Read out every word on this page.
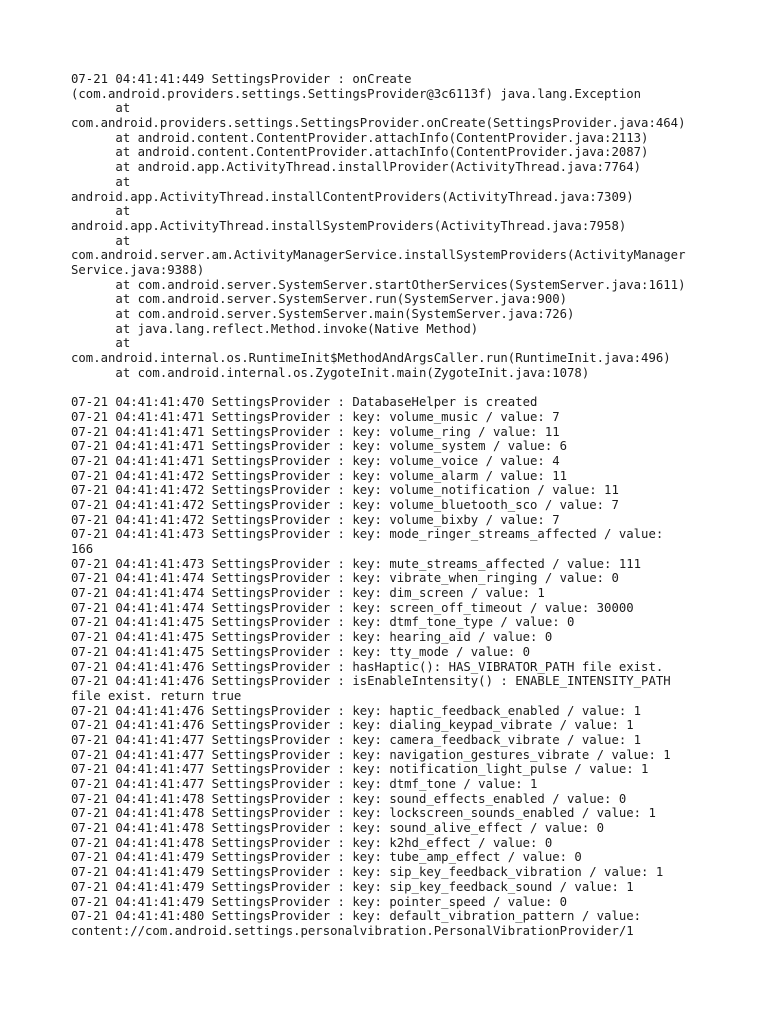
07-21 04:41:41:449 SettingsProvider : onCreate
(com.android.providers.settings.SettingsProvider@3c6113f) java.lang.Exception
at
com.android.providers.settings.SettingsProvider.onCreate(SettingsProvider.java:464)
at android.content.ContentProvider.attachInfo(ContentProvider.java:2113)
at android.content.ContentProvider.attachInfo(ContentProvider.java:2087)
at android.app.ActivityThread.installProvider(ActivityThread.java:7764)
at
android.app.ActivityThread.installContentProviders(ActivityThread.java:7309)
at
android.app.ActivityThread.installSystemProviders(ActivityThread.java:7958)
at
com.android.server.am.ActivityManagerService.installSystemProviders(ActivityManager
Service.java:9388)
at com.android.server.SystemServer.startOtherServices(SystemServer.java:1611)
at com.android.server.SystemServer.run(SystemServer.java:900)
at com.android.server.SystemServer.main(SystemServer.java:726)
at java.lang.reflect.Method.invoke(Native Method)
at
com.android.internal.os.RuntimeInit$MethodAndArgsCaller.run(RuntimeInit.java:496)
at com.android.internal.os.ZygoteInit.main(ZygoteInit.java:1078)
07-21 04:41:41:470 SettingsProvider : DatabaseHelper is created
07-21 04:41:41:471 SettingsProvider : key: volume_music / value: 7
07-21 04:41:41:471 SettingsProvider : key: volume_ring / value: 11
07-21 04:41:41:471 SettingsProvider : key: volume_system / value: 6
07-21 04:41:41:471 SettingsProvider : key: volume_voice / value: 4
07-21 04:41:41:472 SettingsProvider : key: volume_alarm / value: 11
07-21 04:41:41:472 SettingsProvider : key: volume_notification / value: 11
07-21 04:41:41:472 SettingsProvider : key: volume_bluetooth_sco / value: 7
07-21 04:41:41:472 SettingsProvider : key: volume_bixby / value: 7
07-21 04:41:41:473 SettingsProvider : key: mode_ringer_streams_affected / value:
166
07-21 04:41:41:473 SettingsProvider : key: mute_streams_affected / value: 111
07-21 04:41:41:474 SettingsProvider : key: vibrate_when_ringing / value: 0
07-21 04:41:41:474 SettingsProvider : key: dim_screen / value: 1
07-21 04:41:41:474 SettingsProvider : key: screen_off_timeout / value: 30000
07-21 04:41:41:475 SettingsProvider : key: dtmf_tone_type / value: 0
07-21 04:41:41:475 SettingsProvider : key: hearing_aid / value: 0
07-21 04:41:41:475 SettingsProvider : key: tty_mode / value: 0
07-21 04:41:41:476 SettingsProvider : hasHaptic(): HAS_VIBRATOR_PATH file exist.
07-21 04:41:41:476 SettingsProvider : isEnableIntensity() : ENABLE_INTENSITY_PATH
file exist. return true
07-21 04:41:41:476 SettingsProvider : key: haptic_feedback_enabled / value: 1
07-21 04:41:41:476 SettingsProvider : key: dialing_keypad_vibrate / value: 1
07-21 04:41:41:477 SettingsProvider : key: camera_feedback_vibrate / value: 1
07-21 04:41:41:477 SettingsProvider : key: navigation_gestures_vibrate / value: 1
07-21 04:41:41:477 SettingsProvider : key: notification_light_pulse / value: 1
07-21 04:41:41:477 SettingsProvider : key: dtmf_tone / value: 1
07-21 04:41:41:478 SettingsProvider : key: sound_effects_enabled / value: 0
07-21 04:41:41:478 SettingsProvider : key: lockscreen_sounds_enabled / value: 1
07-21 04:41:41:478 SettingsProvider : key: sound_alive_effect / value: 0
07-21 04:41:41:478 SettingsProvider : key: k2hd_effect / value: 0
07-21 04:41:41:479 SettingsProvider : key: tube_amp_effect / value: 0
07-21 04:41:41:479 SettingsProvider : key: sip_key_feedback_vibration / value: 1
07-21 04:41:41:479 SettingsProvider : key: sip_key_feedback_sound / value: 1
07-21 04:41:41:479 SettingsProvider : key: pointer_speed / value: 0
07-21 04:41:41:480 SettingsProvider : key: default_vibration_pattern / value:
content://com.android.settings.personalvibration.PersonalVibrationProvider/1
